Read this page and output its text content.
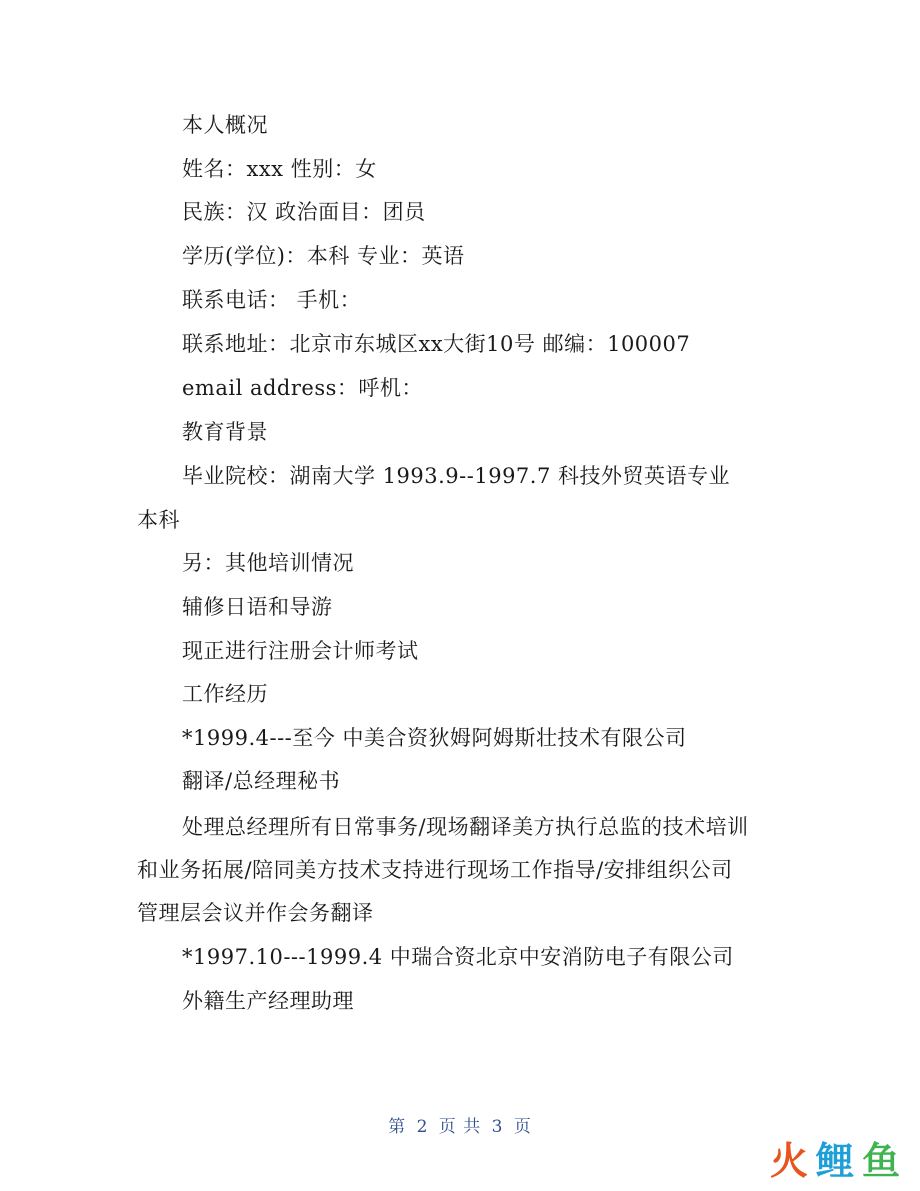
本人概况
姓名：xxx 性别：女
民族：汉 政治面目：团员
学历(学位)：本科 专业：英语
联系电话： 手机：
联系地址：北京市东城区xx大街10号 邮编：100007
email address：呼机：
教育背景
毕业院校：湖南大学 1993.9--1997.7 科技外贸英语专业
本科
另：其他培训情况
辅修日语和导游
现正进行注册会计师考试
工作经历
*1999.4---至今 中美合资狄姆阿姆斯壮技术有限公司
翻译/总经理秘书
处理总经理所有日常事务/现场翻译美方执行总监的技术培训
和业务拓展/陪同美方技术支持进行现场工作指导/安排组织公司
管理层会议并作会务翻译
*1997.10---1999.4 中瑞合资北京中安消防电子有限公司
外籍生产经理助理
第 2 页 共 3 页
火 鲤 鱼
